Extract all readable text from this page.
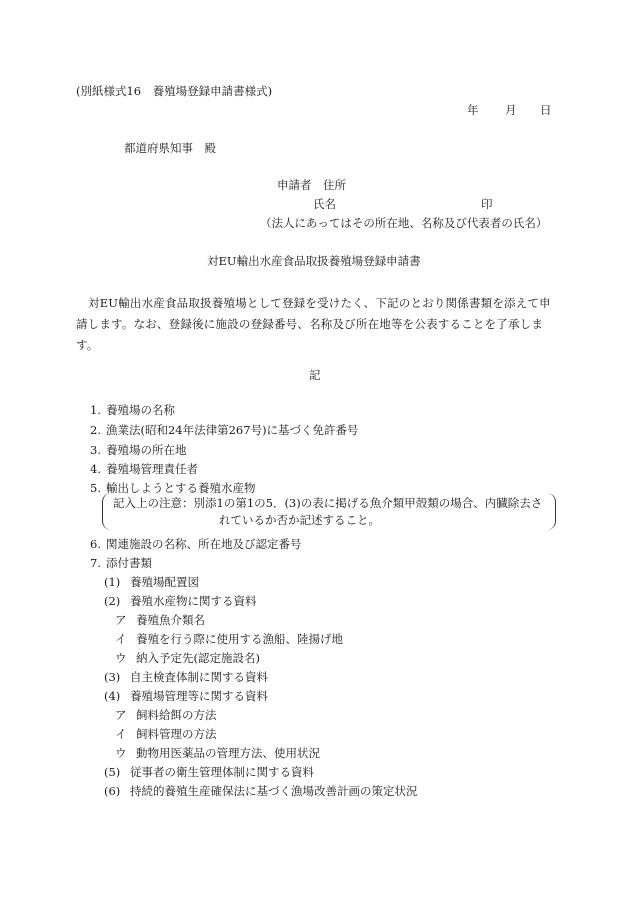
(別紙様式16　養殖場登録申請書様式)
年 月 日
都道府県知事　殿
申請者　住所
氏名	印
（法人にあってはその所在地、名称及び代表者の氏名）
対EU輸出水産食品取扱養殖場登録申請書
対EU輸出水産食品取扱養殖場として登録を受けたく、下記のとおり関係書類を添えて申請します。なお、登録後に施設の登録番号、名称及び所在地等を公表することを了承します。
記
1. 養殖場の名称
2. 漁業法(昭和24年法律第267号)に基づく免許番号
3. 養殖場の所在地
4. 養殖場管理責任者
5. 輸出しようとする養殖水産物
記入上の注意：別添1の第1の5．(3)の表に掲げる魚介類甲殻類の場合、内臓除去さ
れているか否か記述すること。
6. 関連施設の名称、所在地及び認定番号
7. 添付書類
(1) 養殖場配置図
(2) 養殖水産物に関する資料
ア 養殖魚介類名
イ 養殖を行う際に使用する漁船、陸揚げ地
ウ 納入予定先(認定施設名)
(3) 自主検査体制に関する資料
(4) 養殖場管理等に関する資料
ア 飼料給餌の方法
イ 飼料管理の方法
ウ 動物用医薬品の管理方法、使用状況
(5) 従事者の衛生管理体制に関する資料
(6) 持続的養殖生産確保法に基づく漁場改善計画の策定状況
